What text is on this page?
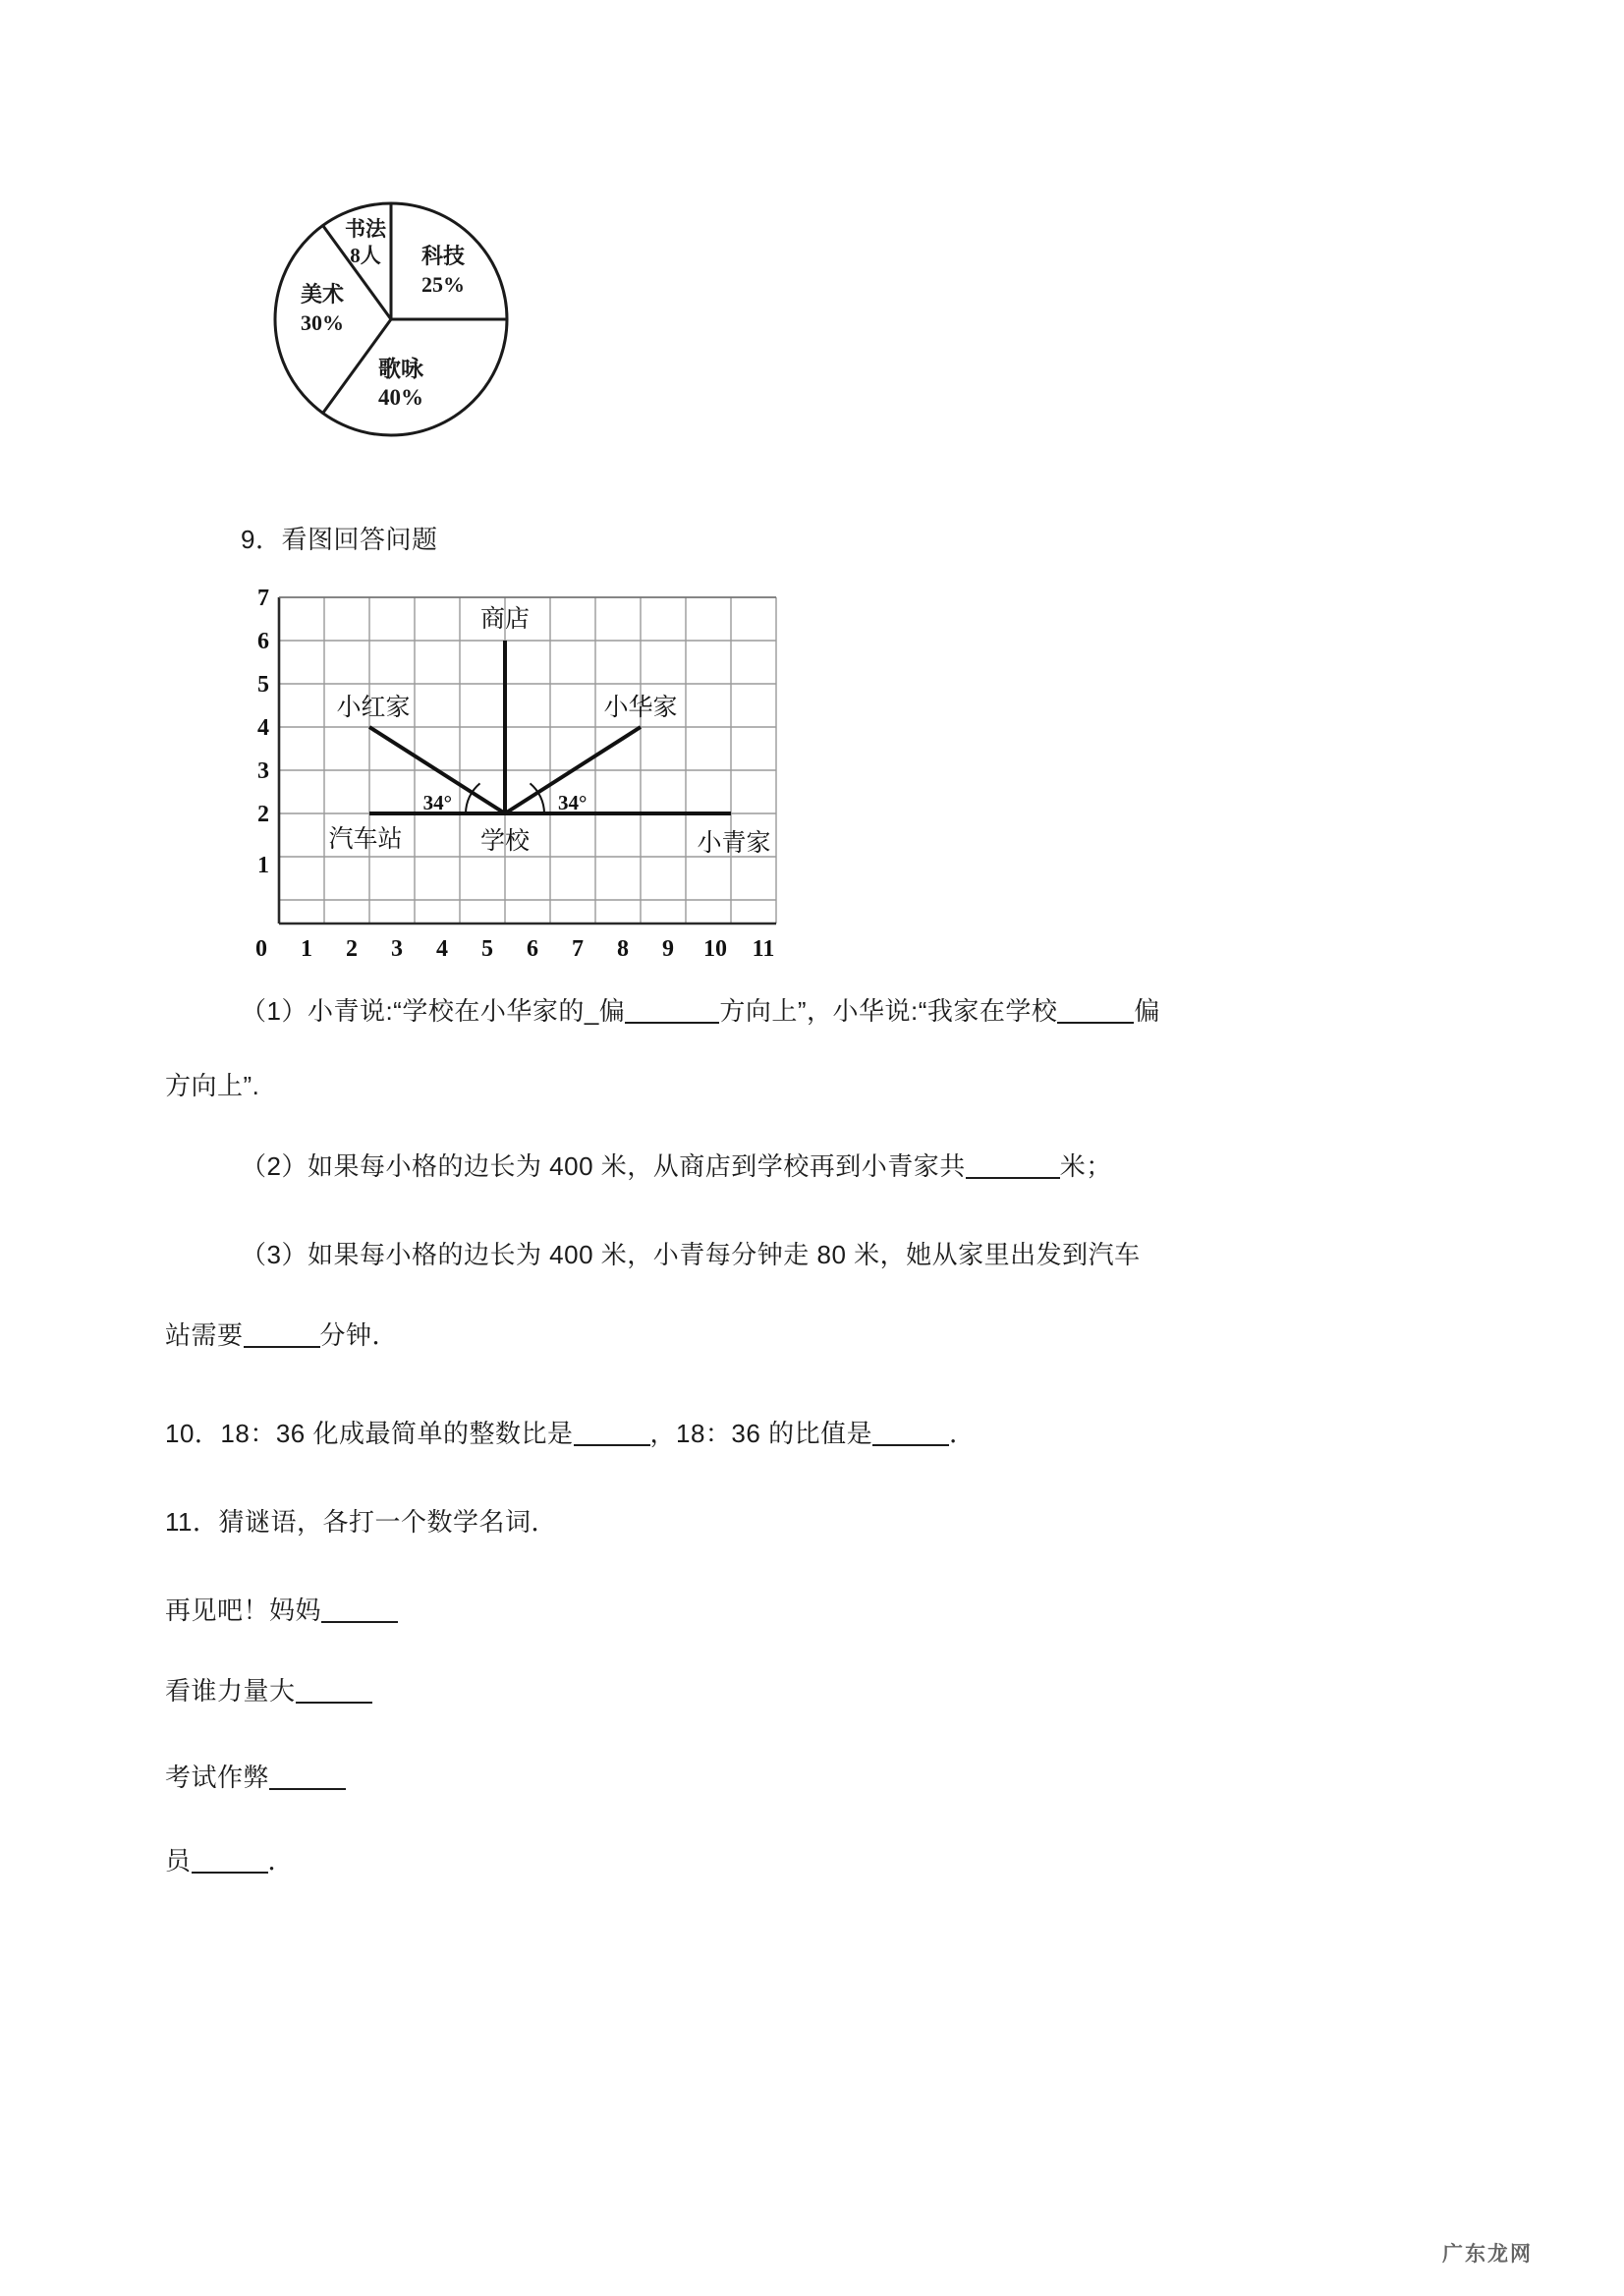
书法
8人 科技
25%
美术
30%
歌咏
40%
9．看图回答问题
34°	34°
商店
小红家	小华家
汽车站	学校	小青家
7
6
5
4
3
2
1
0 1 2 3 4 5 6 7 8 9 10 11
（1）小青说:“学校在小华家的_偏	方向上”，小华说:“我家在学校	偏
方向上”.
（2）如果每小格的边长为 400 米，从商店到学校再到小青家共	米；
（3）如果每小格的边长为 400 米，小青每分钟走 80 米，她从家里出发到汽车
站需要	分钟．
10．18：36 化成最简单的整数比是	，18：36 的比值是	．
11．猜谜语，各打一个数学名词．
再见吧！妈妈
看谁力量大
考试作弊
员	．
广东龙网
